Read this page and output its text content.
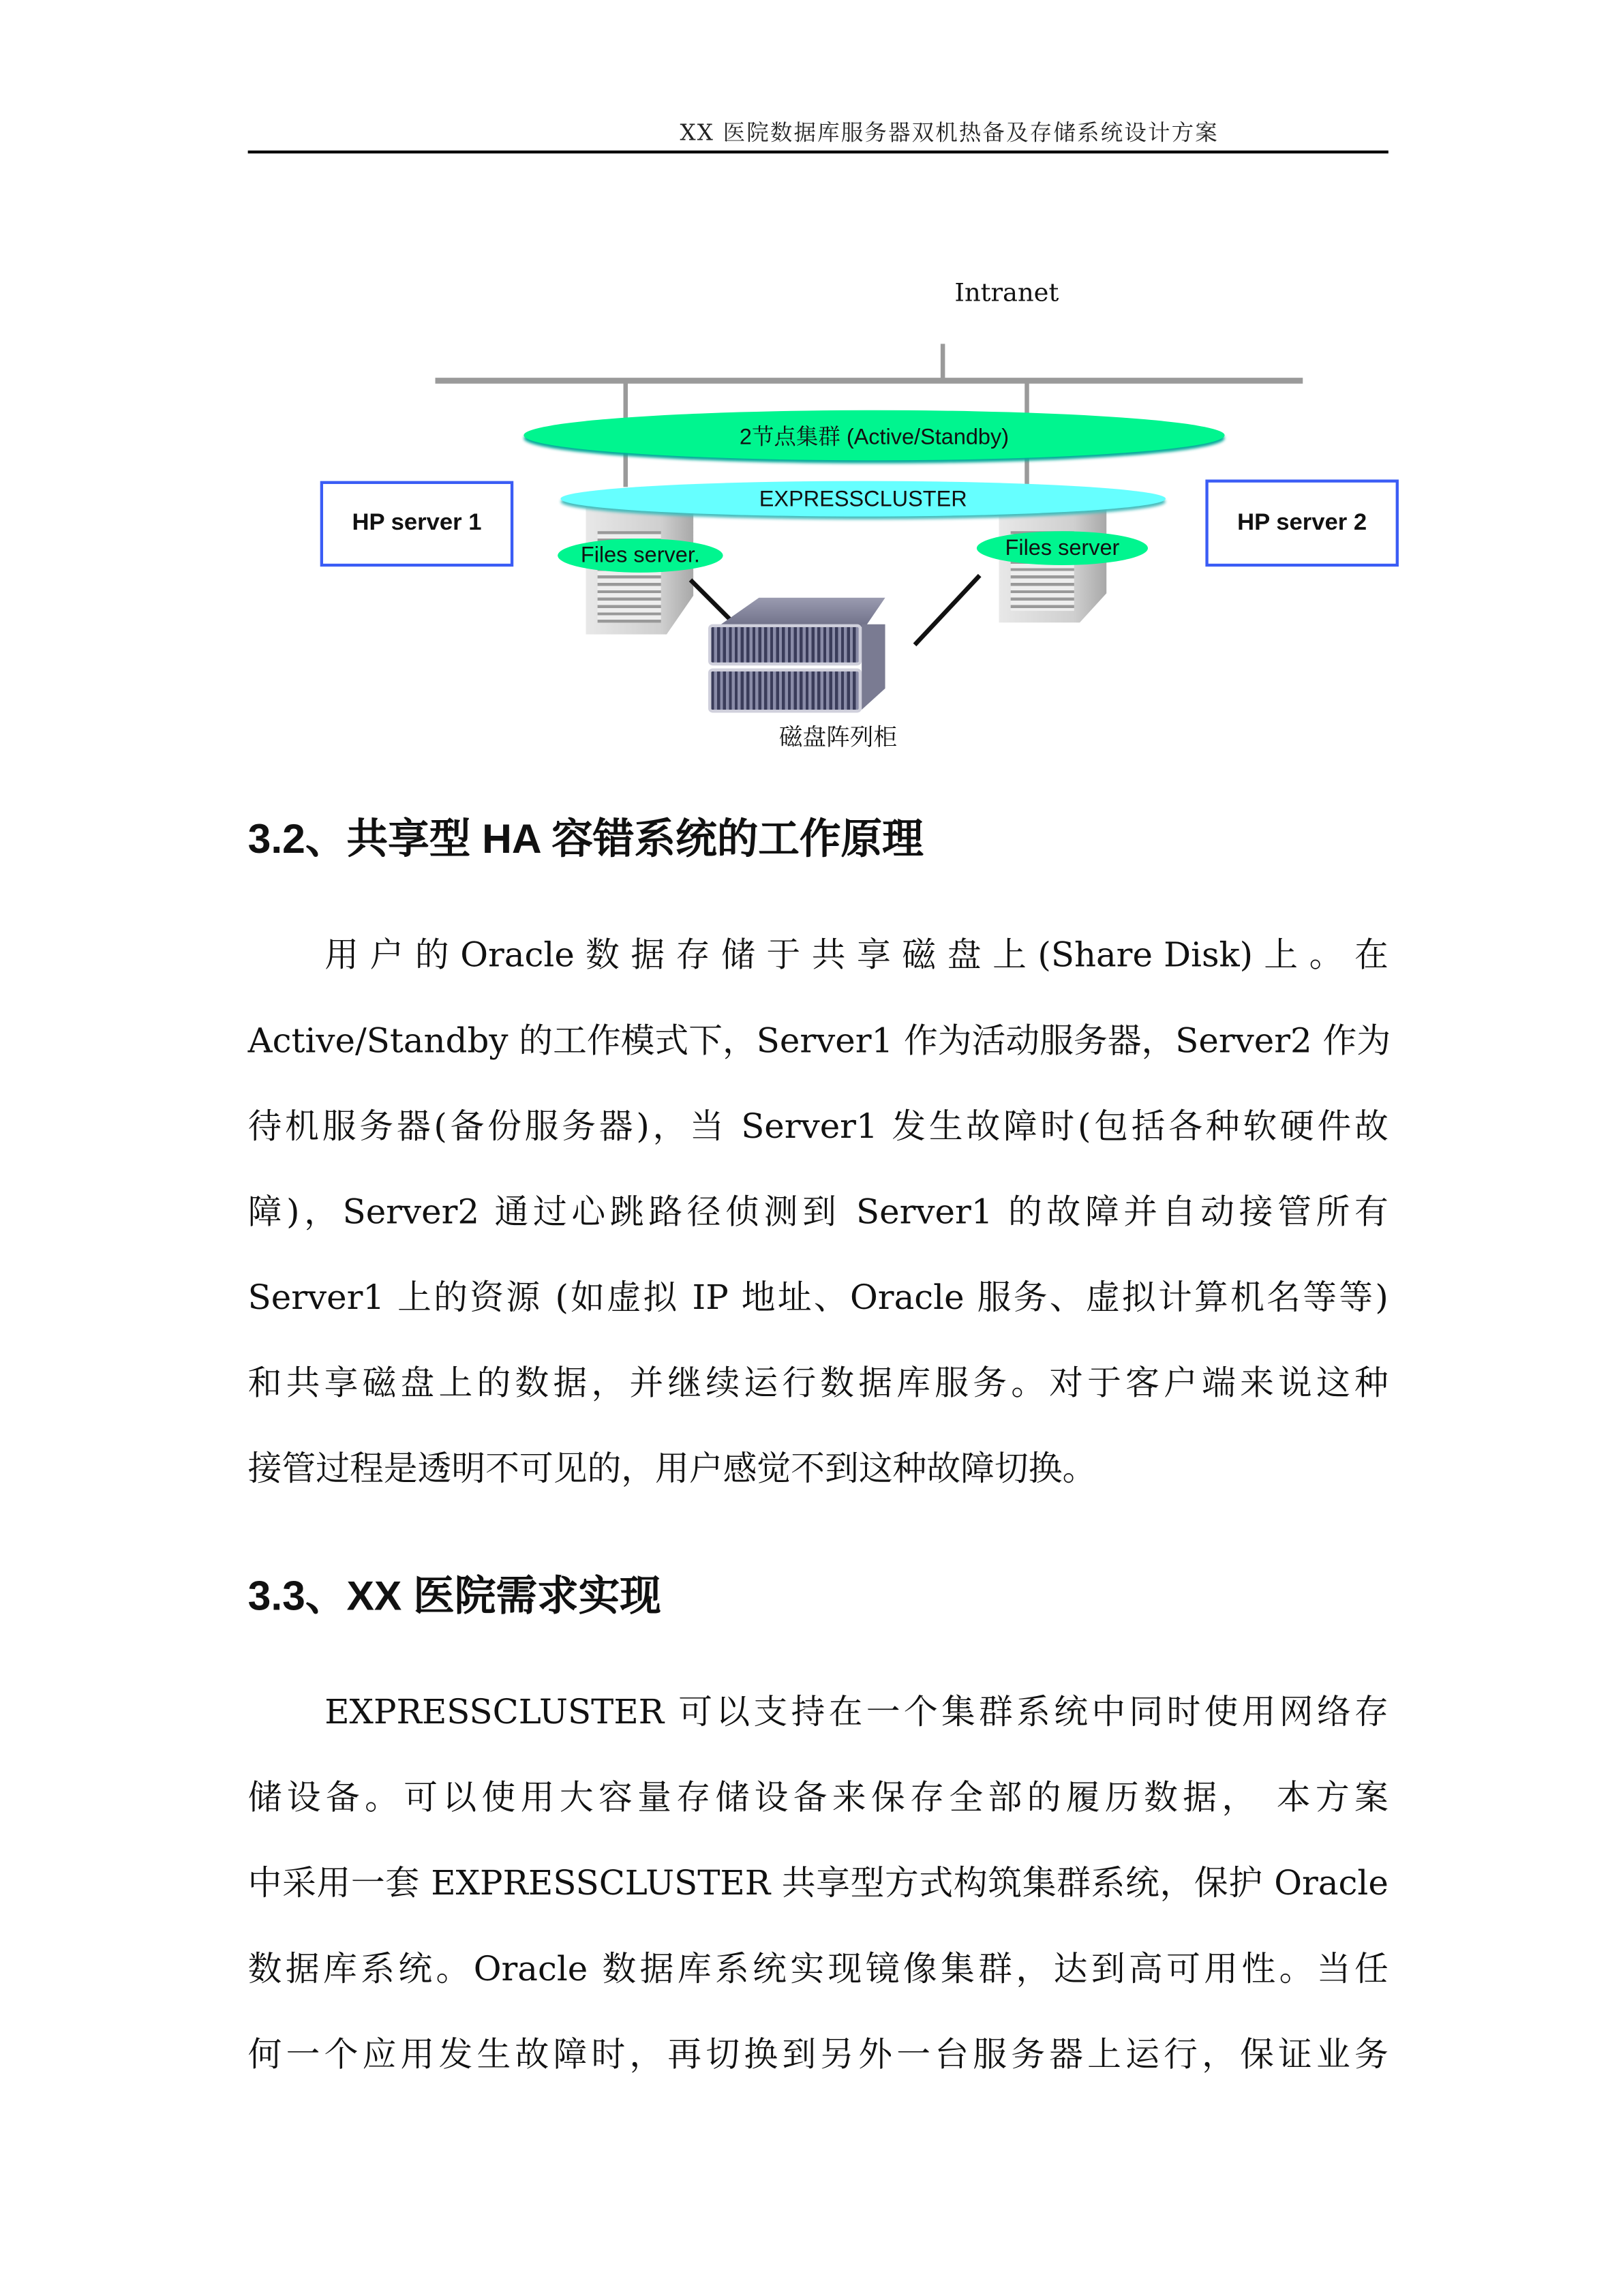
XX 医院数据库服务器双机热备及存储系统设计方案
Intranet
2节点集群 (Active/Standby)
EXPRESSCLUSTER
Files server.	Files server
HP server 1	HP server 2
磁盘阵列柜
3.2、共享型 HA 容错系统的工作原理
用 户 的 Oracle 数 据 存 储 于 共 享 磁 盘 上 (Share Disk) 上 。 在
Active/Standby 的工作模式下，Server1 作为活动服务器，Server2 作为
待机服务器(备份服务器)，当 Server1 发生故障时(包括各种软硬件故
障)，Server2 通过心跳路径侦测到 Server1 的故障并自动接管所有
Server1 上的资源 (如虚拟 IP 地址、Oracle 服务、虚拟计算机名等等)
和共享磁盘上的数据，并继续运行数据库服务。对于客户端来说这种
接管过程是透明不可见的，用户感觉不到这种故障切换。
3.3、XX 医院需求实现
EXPRESSCLUSTER 可以支持在一个集群系统中同时使用网络存
储设备。可以使用大容量存储设备来保存全部的履历数据， 本方案
中采用一套 EXPRESSCLUSTER 共享型方式构筑集群系统，保护 Oracle
数据库系统。Oracle 数据库系统实现镜像集群，达到高可用性。当任
何一个应用发生故障时，再切换到另外一台服务器上运行，保证业务
